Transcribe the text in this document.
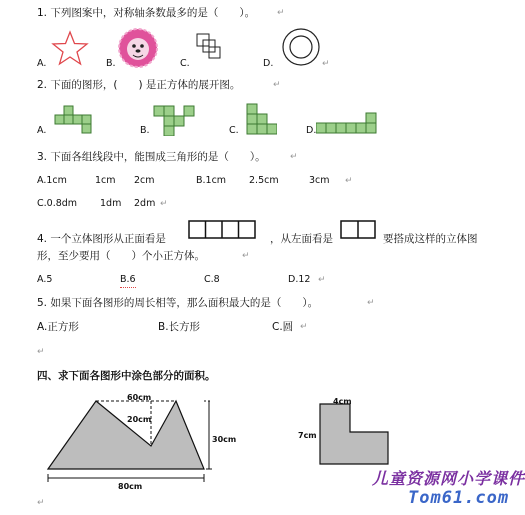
1. 下列图案中，对称轴条数最多的是（　　）。 ↵
A.	B.	C.	D.	↵
2. 下面的图形，(　　) 是正方体的展开图。	↵
A.	B.	C.	D.
3. 下面各组线段中，能围成三角形的是（　　）。	↵
A.1cm	1cm 2cm	B.1cm 2.5cm	3cm ↵
C.0.8dm 1dm 2dm ↵
4. 一个立体图形从正面看是	，从左面看是	要搭成这样的立体图
形，至少要用（　　）个小正方体。	↵
A.5	B.6	C.8	D.12 ↵
5. 如果下面各图形的周长相等，那么面积最大的是（　　）。	↵
A.正方形	B.长方形	C.圆 ↵
↵
四、求下面各图形中涂色部分的面积。
60cm
20cm
30cm
80cm
4cm
7cm
↵
儿童资源网小学课件
Tom61.com
